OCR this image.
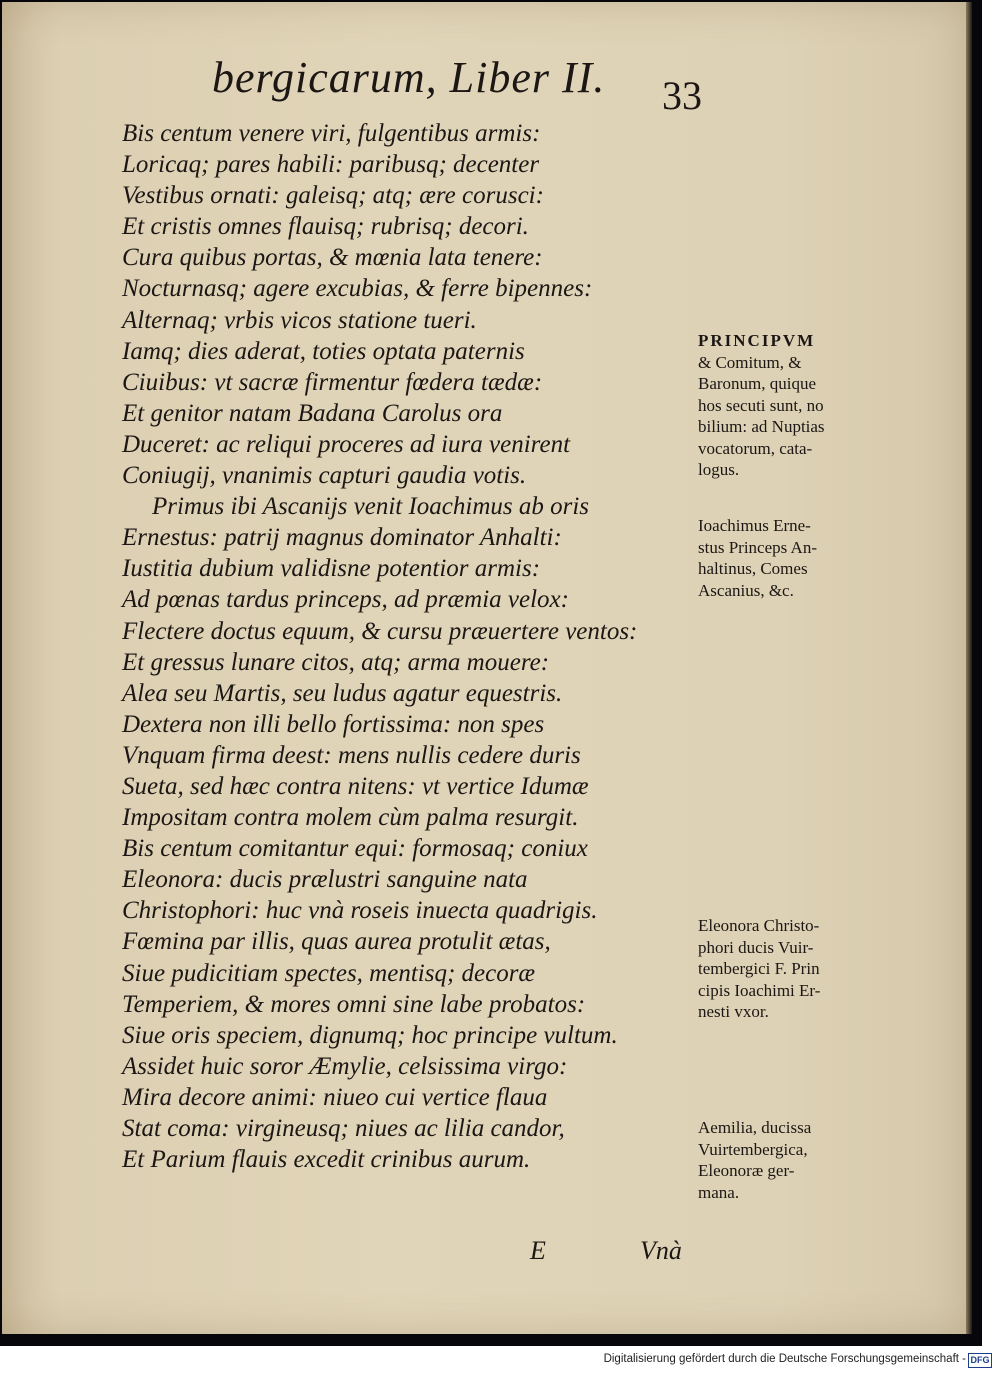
bergicarum, Liber II. 33
Bis centum venere viri, fulgentibus armis:
Loricaq; pares habili: paribusq; decenter
Vestibus ornati: galeisq; atq; ære corusci:
Et cristis omnes flauisq; rubrisq; decori.
Cura quibus portas, & mœnia lata tenere:
Nocturnasq; agere excubias, & ferre bipennes:
Alternaq; vrbis vicos statione tueri.
Iamq; dies aderat, toties optata paternis
Ciuibus: vt sacræ firmentur fœdera tædæ:
Et genitor natam Badana Carolus ora
Duceret: ac reliqui proceres ad iura venirent
Coniugij, vnanimis capturi gaudia votis.
Primus ibi Ascanijs venit Ioachimus ab oris
Ernestus: patrij magnus dominator Anhalti:
Iustitia dubium validisne potentior armis:
Ad pœnas tardus princeps, ad præmia velox:
Flectere doctus equum, & cursu præuertere ventos:
Et gressus lunare citos, atq; arma mouere:
Alea seu Martis, seu ludus agatur equestris.
Dextera non illi bello fortissima: non spes
Vnquam firma deest: mens nullis cedere duris
Sueta, sed hæc contra nitens: vt vertice Idumæ
Impositam contra molem cùm palma resurgit.
Bis centum comitantur equi: formosaq; coniux
Eleonora: ducis prælustri sanguine nata
Christophori: huc vnà roseis inuecta quadrigis.
Fœmina par illis, quas aurea protulit ætas,
Siue pudicitiam spectes, mentisq; decoræ
Temperiem, & mores omni sine labe probatos:
Siue oris speciem, dignumq; hoc principe vultum.
Assidet huic soror Æmylie, celsissima virgo:
Mira decore animi: niueo cui vertice flaua
Stat coma: virgineusq; niues ac lilia candor,
Et Parium flauis excedit crinibus aurum.

PRINCIPVM
& Comitum, &
Baronum, quique
hos secuti sunt, no
bilium: ad Nuptias
vocatorum, cata-
logus.

Ioachimus Erne-
stus Princeps An-
haltinus, Comes
Ascanius, &c.

Eleonora Christo-
phori ducis Vuir-
tembergici F. Prin
cipis Ioachimi Er-
nesti vxor.

Aemilia, ducissa
Vuirtembergica,
Eleonoræ ger-
mana.

E	Vnà
Digitalisierung gefördert durch die Deutsche Forschungsgemeinschaft - DFG
